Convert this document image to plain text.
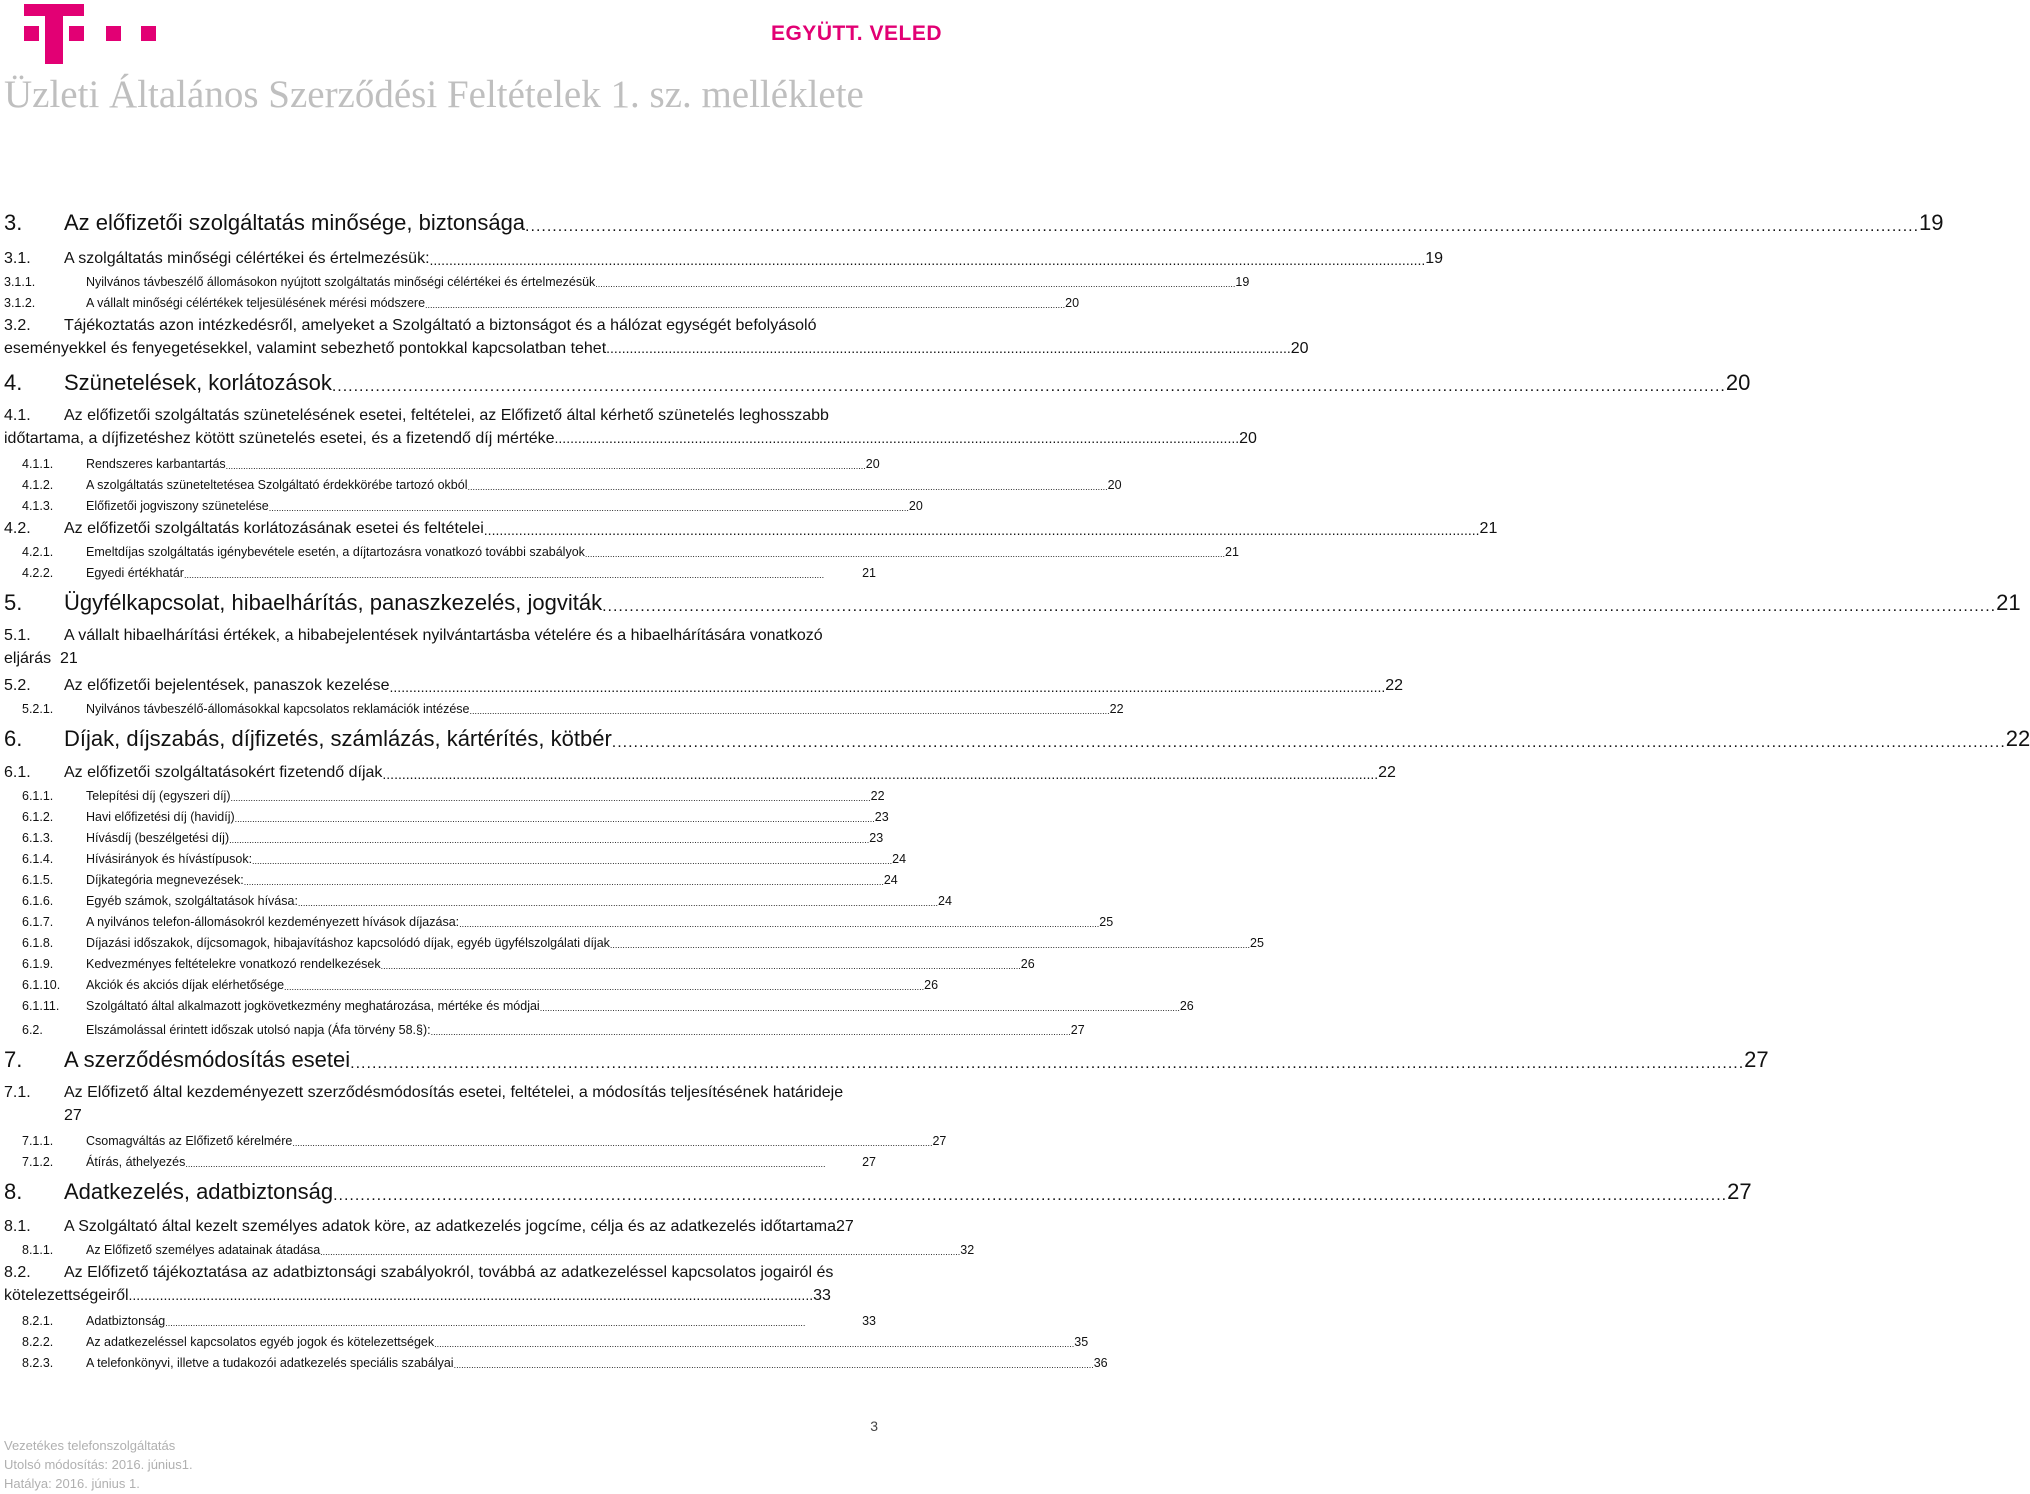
EGYÜTT. VELED
Üzleti Általános Szerződési Feltételek 1. sz. melléklete
3.	Az előfizetői szolgáltatás minősége, biztonsága .....	19
3.1.	A szolgáltatás minőségi célértékei és értelmezésük: .....	19
3.1.1.	Nyilvános távbeszélő állomásokon nyújtott szolgáltatás minőségi célértékei és értelmezésük .....	19
3.1.2.	A vállalt minőségi célértékek teljesülésének mérési módszere .....	20
3.2. Tájékoztatás azon intézkedésről, amelyeket a Szolgáltató a biztonságot és a hálózat egységét befolyásoló
eseményekkel és fenyegetésekkel, valamint sebezhető pontokkal kapcsolatban tehet .....	20
4.	Szünetelések, korlátozások .....	20
4.1. Az előfizetői szolgáltatás szünetelésének esetei, feltételei, az Előfizető által kérhető szünetelés leghosszabb
időtartama, a díjfizetéshez kötött szünetelés esetei, és a fizetendő díj mértéke .....	20
4.1.1.	Rendszeres karbantartás .....	20
4.1.2.	A szolgáltatás szüneteltetésea Szolgáltató érdekkörébe tartozó okból .....	20
4.1.3.	Előfizetői jogviszony szünetelése .....	20
4.2.	Az előfizetői szolgáltatás korlátozásának esetei és feltételei .....	21
4.2.1.	Emeltdíjas szolgáltatás igénybevétele esetén, a díjtartozásra vonatkozó további szabályok .....	21
4.2.2.	Egyedi értékhatár .....	21
5.	Ügyfélkapcsolat, hibaelhárítás, panaszkezelés, jogviták .....	21
5.1. A vállalt hibaelhárítási értékek, a hibabejelentések nyilvántartásba vételére és a hibaelhárítására vonatkozó
eljárás 21
5.2.	Az előfizetői bejelentések, panaszok kezelése .....	22
5.2.1.	Nyilvános távbeszélő-állomásokkal kapcsolatos reklamációk intézése .....	22
6.	Díjak, díjszabás, díjfizetés, számlázás, kártérítés, kötbér .....	22
6.1.	Az előfizetői szolgáltatásokért fizetendő díjak .....	22
6.1.1.	Telepítési díj (egyszeri díj) .....	22
6.1.2.	Havi előfizetési díj (havidíj) .....	23
6.1.3.	Hívásdíj (beszélgetési díj) .....	23
6.1.4.	Hívásirányok és hívástípusok: .....	24
6.1.5.	Díjkategória megnevezések: .....	24
6.1.6.	Egyéb számok, szolgáltatások hívása: .....	24
6.1.7.	A nyilvános telefon-állomásokról kezdeményezett hívások díjazása: .....	25
6.1.8.	Díjazási időszakok, díjcsomagok, hibajavításhoz kapcsolódó díjak, egyéb ügyfélszolgálati díjak .....	25
6.1.9.	Kedvezményes feltételekre vonatkozó rendelkezések .....	26
6.1.10.	Akciók és akciós díjak elérhetősége .....	26
6.1.11.	Szolgáltató által alkalmazott jogkövetkezmény meghatározása, mértéke és módjai .....	26
6.2.	Elszámolással érintett időszak utolsó napja (Áfa törvény 58.§): .....	27
7.	A szerződésmódosítás esetei .....	27
7.1. Az Előfizető által kezdeményezett szerződésmódosítás esetei, feltételei, a módosítás teljesítésének határideje
27
7.1.1.	Csomagváltás az Előfizető kérelmére .....	27
7.1.2.	Átírás, áthelyezés .....	27
8.	Adatkezelés, adatbiztonság .....	27
8.1.	A Szolgáltató által kezelt személyes adatok köre, az adatkezelés jogcíme, célja és az adatkezelés időtartama 27
8.1.1.	Az Előfizető személyes adatainak átadása .....	32
8.2. Az Előfizető tájékoztatása az adatbiztonsági szabályokról, továbbá az adatkezeléssel kapcsolatos jogairól és
kötelezettségeiről .....	33
8.2.1.	Adatbiztonság .....	33
8.2.2.	Az adatkezeléssel kapcsolatos egyéb jogok és kötelezettségek .....	35
8.2.3.	A telefonkönyvi, illetve a tudakozói adatkezelés speciális szabályai .....	36
3
Vezetékes telefonszolgáltatás
Utolsó módosítás: 2016. június1.
Hatálya: 2016. június 1.
